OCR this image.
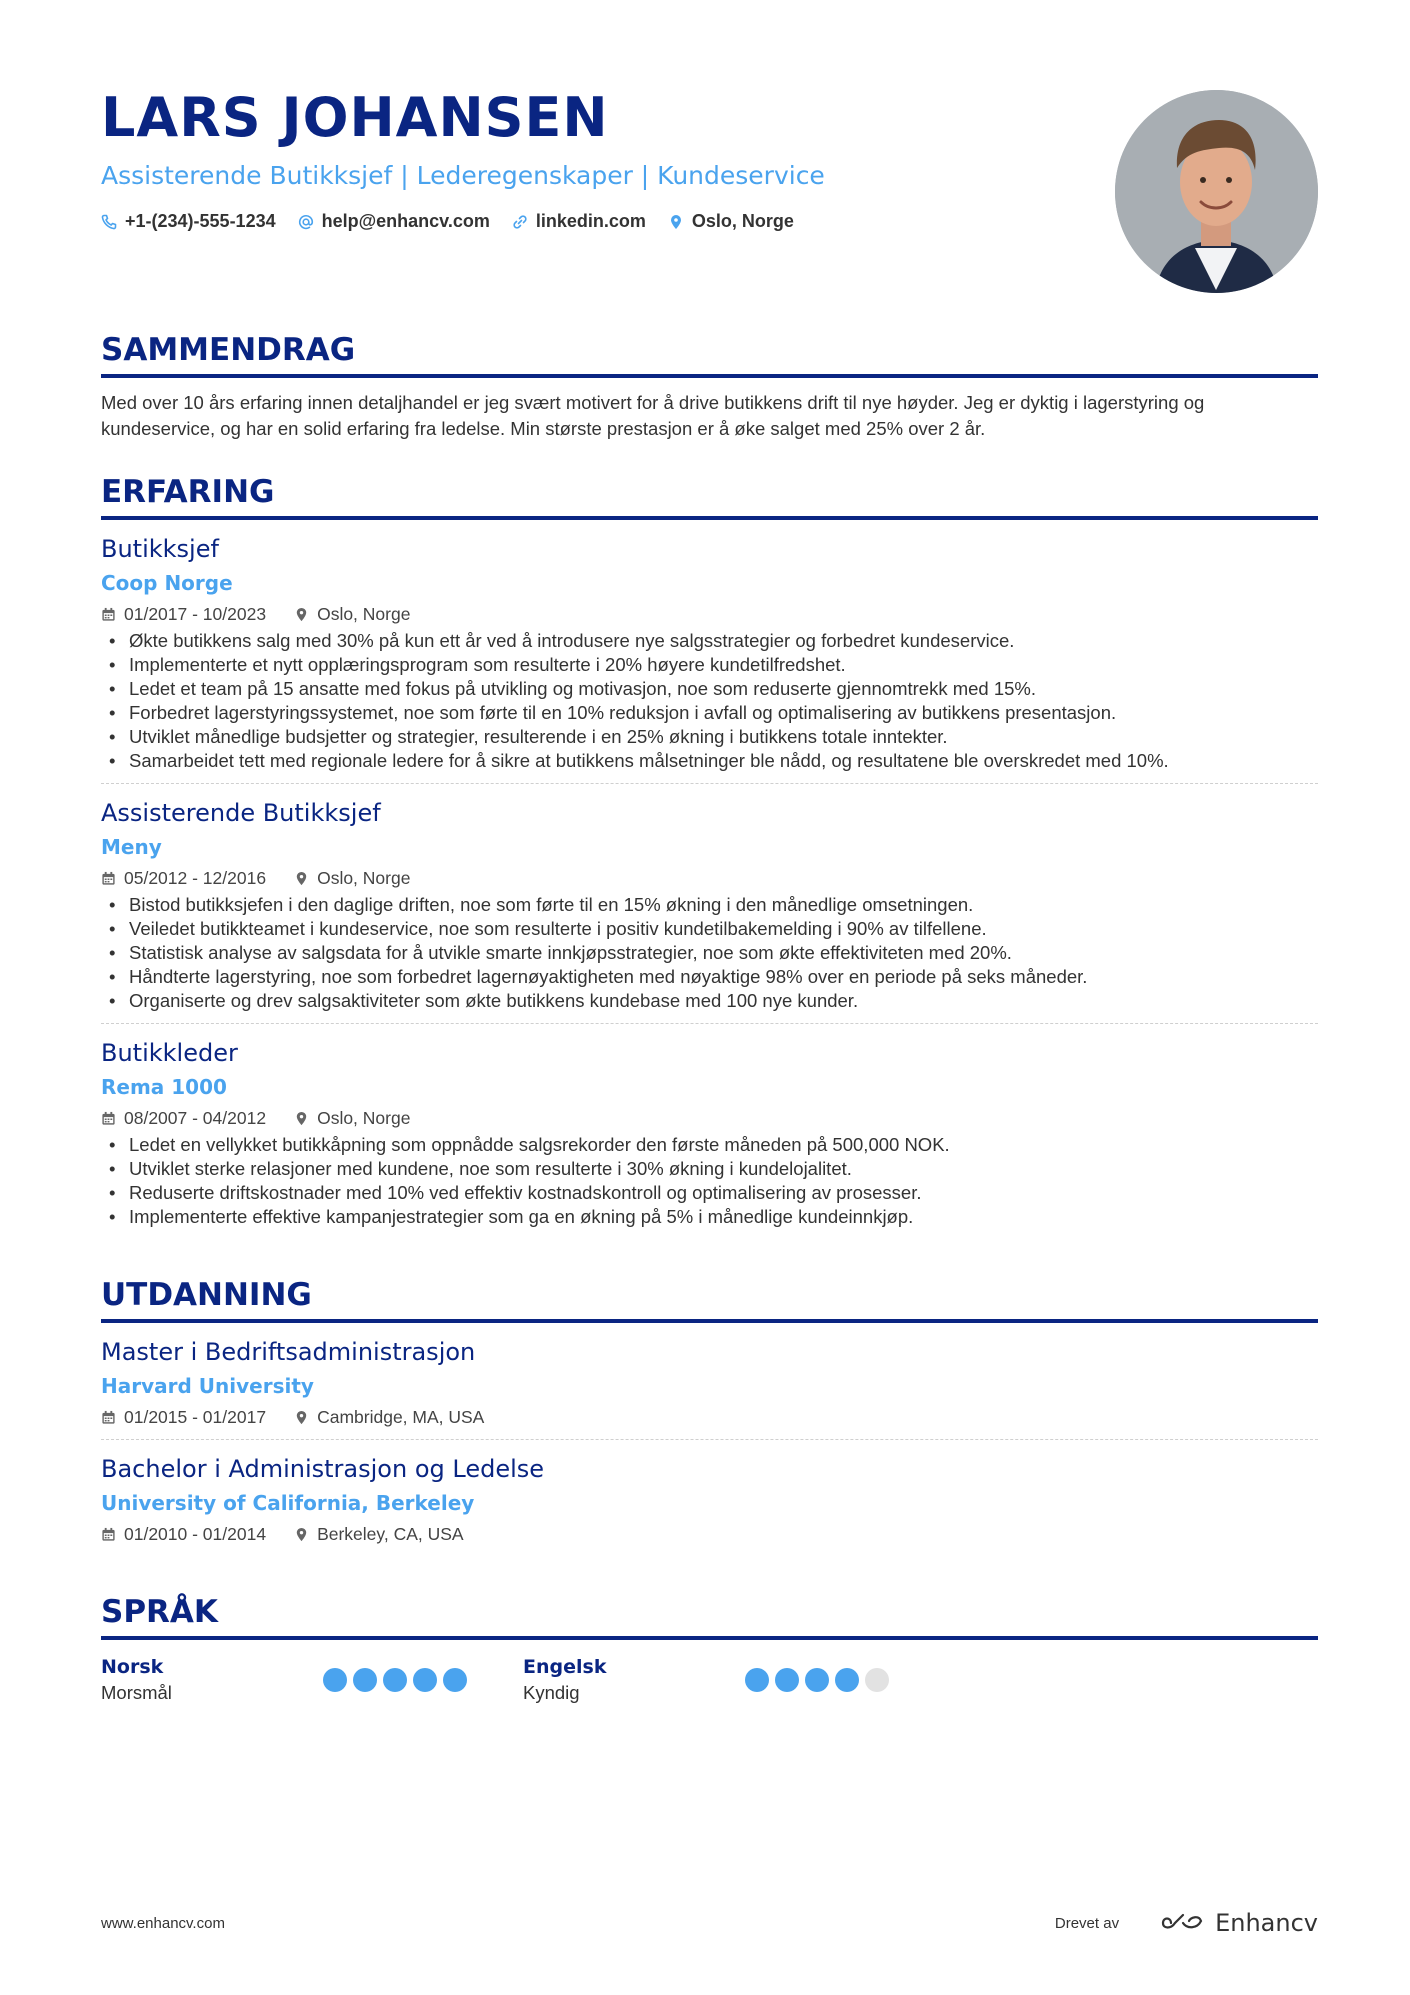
LARS JOHANSEN
Assisterende Butikksjef | Lederegenskaper | Kundeservice
+1-(234)-555-1234	help@enhancv.com	linkedin.com	Oslo, Norge
SAMMENDRAG
Med over 10 års erfaring innen detaljhandel er jeg svært motivert for å drive butikkens drift til nye høyder. Jeg er dyktig i lagerstyring og kundeservice, og har en solid erfaring fra ledelse. Min største prestasjon er å øke salget med 25% over 2 år.
ERFARING
Butikksjef
Coop Norge
01/2017 - 10/2023	Oslo, Norge
• Økte butikkens salg med 30% på kun ett år ved å introdusere nye salgsstrategier og forbedret kundeservice.
• Implementerte et nytt opplæringsprogram som resulterte i 20% høyere kundetilfredshet.
• Ledet et team på 15 ansatte med fokus på utvikling og motivasjon, noe som reduserte gjennomtrekk med 15%.
• Forbedret lagerstyringssystemet, noe som førte til en 10% reduksjon i avfall og optimalisering av butikkens presentasjon.
• Utviklet månedlige budsjetter og strategier, resulterende i en 25% økning i butikkens totale inntekter.
• Samarbeidet tett med regionale ledere for å sikre at butikkens målsetninger ble nådd, og resultatene ble overskredet med 10%.
Assisterende Butikksjef
Meny
05/2012 - 12/2016	Oslo, Norge
• Bistod butikksjefen i den daglige driften, noe som førte til en 15% økning i den månedlige omsetningen.
• Veiledet butikkteamet i kundeservice, noe som resulterte i positiv kundetilbakemelding i 90% av tilfellene.
• Statistisk analyse av salgsdata for å utvikle smarte innkjøpsstrategier, noe som økte effektiviteten med 20%.
• Håndterte lagerstyring, noe som forbedret lagernøyaktigheten med nøyaktige 98% over en periode på seks måneder.
• Organiserte og drev salgsaktiviteter som økte butikkens kundebase med 100 nye kunder.
Butikkleder
Rema 1000
08/2007 - 04/2012	Oslo, Norge
• Ledet en vellykket butikkåpning som oppnådde salgsrekorder den første måneden på 500,000 NOK.
• Utviklet sterke relasjoner med kundene, noe som resulterte i 30% økning i kundelojalitet.
• Reduserte driftskostnader med 10% ved effektiv kostnadskontroll og optimalisering av prosesser.
• Implementerte effektive kampanjestrategier som ga en økning på 5% i månedlige kundeinnkjøp.
UTDANNING
Master i Bedriftsadministrasjon
Harvard University
01/2015 - 01/2017	Cambridge, MA, USA
Bachelor i Administrasjon og Ledelse
University of California, Berkeley
01/2010 - 01/2014	Berkeley, CA, USA
SPRÅK
Norsk
Morsmål
Engelsk
Kyndig
www.enhancv.com	Drevet av	Enhancv
